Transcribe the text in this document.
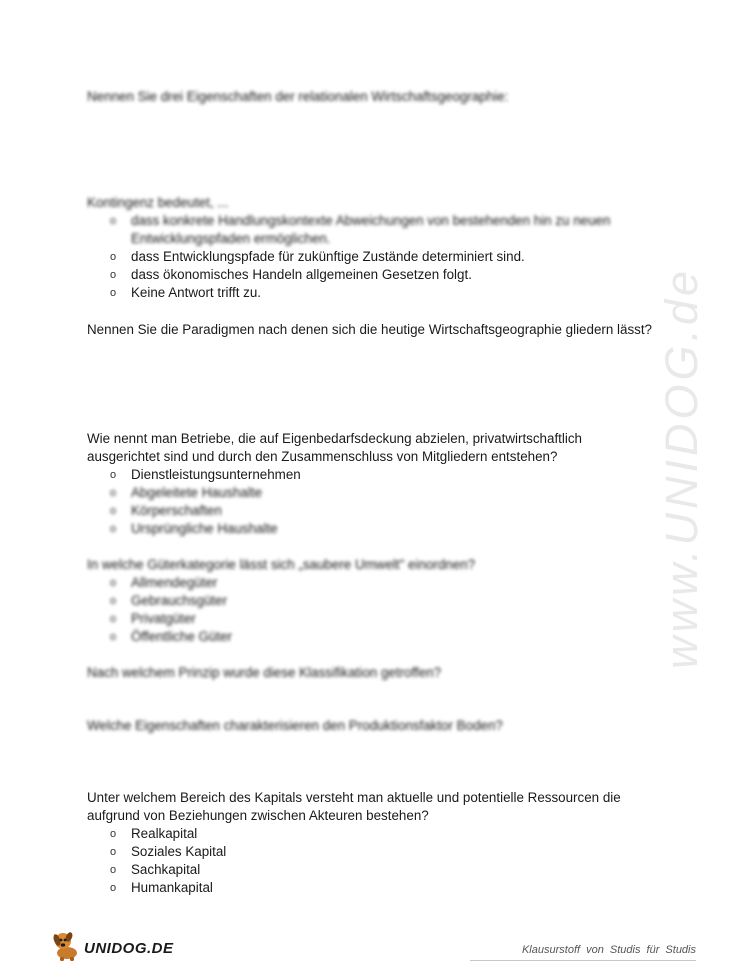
www.UNIDOG.de

Nennen Sie drei Eigenschaften der relationalen Wirtschaftsgeographie:

Kontingenz bedeutet, ...

o	dass konkrete Handlungskontexte Abweichungen von bestehenden hin zu neuen Entwicklungspfaden ermöglichen.
o	dass Entwicklungspfade für zukünftige Zustände determiniert sind.
o	dass ökonomisches Handeln allgemeinen Gesetzen folgt.
o	Keine Antwort trifft zu.

Nennen Sie die Paradigmen nach denen sich die heutige Wirtschaftsgeographie gliedern lässt?

Wie nennt man Betriebe, die auf Eigenbedarfsdeckung abzielen, privatwirtschaftlich ausgerichtet sind und durch den Zusammenschluss von Mitgliedern entstehen?

o	Dienstleistungsunternehmen
o	Abgeleitete Haushalte
o	Körperschaften
o	Ursprüngliche Haushalte

In welche Güterkategorie lässt sich „saubere Umwelt" einordnen?

o	Allmendegüter
o	Gebrauchsgüter
o	Privatgüter
o	Öffentliche Güter

Nach welchem Prinzip wurde diese Klassifikation getroffen?

Welche Eigenschaften charakterisieren den Produktionsfaktor Boden?

Unter welchem Bereich des Kapitals versteht man aktuelle und potentielle Ressourcen die aufgrund von Beziehungen zwischen Akteuren bestehen?

o	Realkapital
o	Soziales Kapital
o	Sachkapital
o	Humankapital
UNIDOG.DE	Klausurstoff von Studis für Studis
